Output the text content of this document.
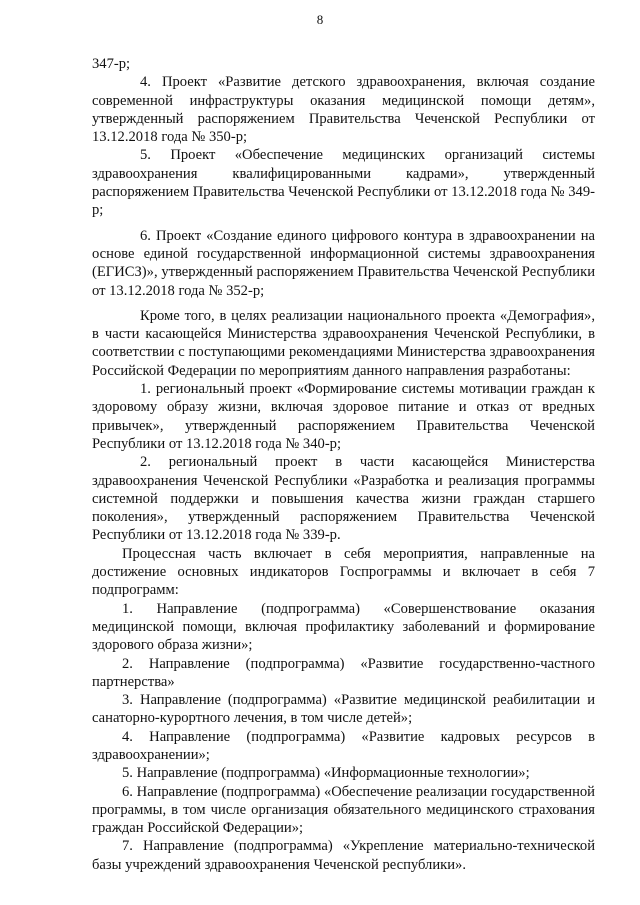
8

347-р;

4. Проект «Развитие детского здравоохранения, включая создание современной инфраструктуры оказания медицинской помощи детям», утвержденный распоряжением Правительства Чеченской Республики от 13.12.2018 года № 350-р;

5. Проект «Обеспечение медицинских организаций системы здравоохранения квалифицированными кадрами», утвержденный распоряжением Правительства Чеченской Республики от 13.12.2018 года № 349-р;

6. Проект «Создание единого цифрового контура в здравоохранении на основе единой государственной информационной системы здравоохранения (ЕГИСЗ)», утвержденный распоряжением Правительства Чеченской Республики от 13.12.2018 года № 352-р;

Кроме того, в целях реализации национального проекта «Демография», в части касающейся Министерства здравоохранения Чеченской Республики, в соответствии с поступающими рекомендациями Министерства здравоохранения Российской Федерации по мероприятиям данного направления разработаны:

1. региональный проект «Формирование системы мотивации граждан к здоровому образу жизни, включая здоровое питание и отказ от вредных привычек», утвержденный распоряжением Правительства Чеченской Республики от 13.12.2018 года № 340-р;

2. региональный проект в части касающейся Министерства здравоохранения Чеченской Республики «Разработка и реализация программы системной поддержки и повышения качества жизни граждан старшего поколения», утвержденный распоряжением Правительства Чеченской Республики от 13.12.2018 года № 339-р.

Процессная часть включает в себя мероприятия, направленные на достижение основных индикаторов Госпрограммы и включает в себя 7 подпрограмм:

1. Направление (подпрограмма) «Совершенствование оказания медицинской помощи, включая профилактику заболеваний и формирование здорового образа жизни»;

2. Направление (подпрограмма) «Развитие государственно-частного партнерства»

3. Направление (подпрограмма) «Развитие медицинской реабилитации и санаторно-курортного лечения, в том числе детей»;

4. Направление (подпрограмма) «Развитие кадровых ресурсов в здравоохранении»;

5. Направление (подпрограмма) «Информационные технологии»;

6. Направление (подпрограмма) «Обеспечение реализации государственной программы, в том числе организация обязательного медицинского страхования граждан Российской Федерации»;

7. Направление (подпрограмма) «Укрепление материально-технической базы учреждений здравоохранения Чеченской республики».
